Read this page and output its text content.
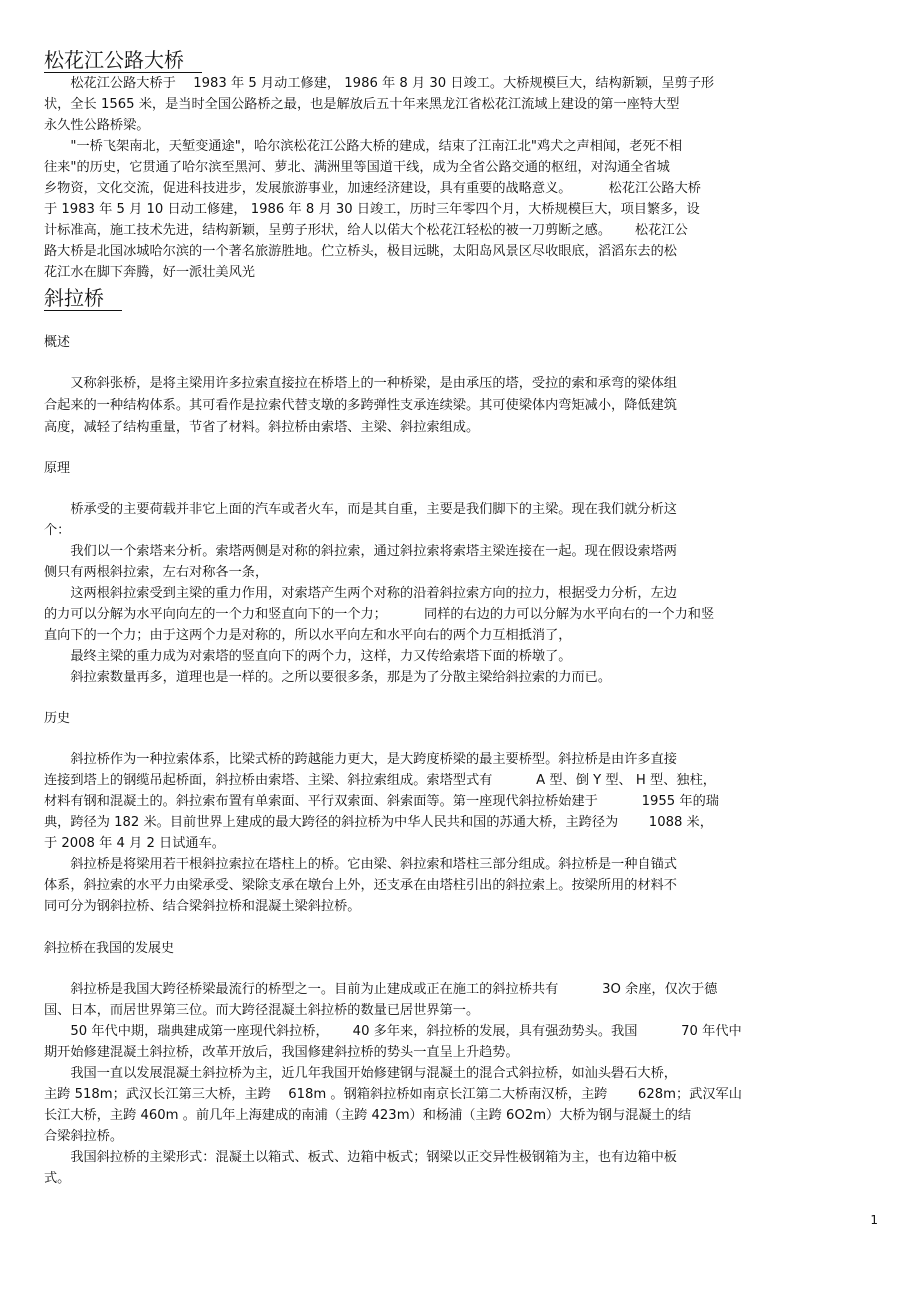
松花江公路大桥
　　松花江公路大桥于　 1983 年 5 月动工修建， 1986 年 8 月 30 日竣工。大桥规模巨大，结构新颖，呈剪子形
状，全长 1565 米，是当时全国公路桥之最，也是解放后五十年来黑龙江省松花江流域上建设的第一座特大型
永久性公路桥梁。
　　"一桥飞架南北，天堑变通途"，哈尔滨松花江公路大桥的建成，结束了江南江北"鸡犬之声相闻，老死不相
往来"的历史，它贯通了哈尔滨至黑河、萝北、满洲里等国道干线，成为全省公路交通的枢纽，对沟通全省城
乡物资，文化交流，促进科技进步，发展旅游事业，加速经济建设，具有重要的战略意义。　　　 松花江公路大桥
于 1983 年 5 月 10 日动工修建， 1986 年 8 月 30 日竣工，历时三年零四个月，大桥规模巨大，项目繁多，设
计标准高，施工技术先进，结构新颖，呈剪子形状，给人以偌大个松花江轻松的被一刀剪断之感。　　 松花江公
路大桥是北国冰城哈尔滨的一个著名旅游胜地。伫立桥头，极目远眺，太阳岛风景区尽收眼底，滔滔东去的松
花江水在脚下奔腾，好一派壮美风光
斜拉桥
概述
　　又称斜张桥，是将主梁用许多拉索直接拉在桥塔上的一种桥梁，是由承压的塔，受拉的索和承弯的梁体组
合起来的一种结构体系。其可看作是拉索代替支墩的多跨弹性支承连续梁。其可使梁体内弯矩减小，降低建筑
高度，减轻了结构重量，节省了材料。斜拉桥由索塔、主梁、斜拉索组成。
原理
　　桥承受的主要荷载并非它上面的汽车或者火车，而是其自重，主要是我们脚下的主梁。现在我们就分析这
个：
　　我们以一个索塔来分析。索塔两侧是对称的斜拉索，通过斜拉索将索塔主梁连接在一起。现在假设索塔两
侧只有两根斜拉索，左右对称各一条，
　　这两根斜拉索受到主梁的重力作用，对索塔产生两个对称的沿着斜拉索方向的拉力，根据受力分析，左边
的力可以分解为水平向向左的一个力和竖直向下的一个力；　　　 同样的右边的力可以分解为水平向右的一个力和竖
直向下的一个力；由于这两个力是对称的，所以水平向左和水平向右的两个力互相抵消了，
　　最终主梁的重力成为对索塔的竖直向下的两个力，这样，力又传给索塔下面的桥墩了。
　　斜拉索数量再多，道理也是一样的。之所以要很多条，那是为了分散主梁给斜拉索的力而已。
历史
　　斜拉桥作为一种拉索体系，比梁式桥的跨越能力更大，是大跨度桥梁的最主要桥型。斜拉桥是由许多直接
连接到塔上的钢缆吊起桥面，斜拉桥由索塔、主梁、斜拉索组成。索塔型式有　　　 A 型、倒 Y 型、 H 型、独柱，
材料有钢和混凝土的。斜拉索布置有单索面、平行双索面、斜索面等。第一座现代斜拉桥始建于　　　 1955 年的瑞
典，跨径为 182 米。目前世界上建成的最大跨径的斜拉桥为中华人民共和国的苏通大桥，主跨径为　　 1088 米，
于 2008 年 4 月 2 日试通车。
　　斜拉桥是将梁用若干根斜拉索拉在塔柱上的桥。它由梁、斜拉索和塔柱三部分组成。斜拉桥是一种自锚式
体系，斜拉索的水平力由梁承受、梁除支承在墩台上外，还支承在由塔柱引出的斜拉索上。按梁所用的材料不
同可分为钢斜拉桥、结合梁斜拉桥和混凝土梁斜拉桥。
斜拉桥在我国的发展史
　　斜拉桥是我国大跨径桥梁最流行的桥型之一。目前为止建成或正在施工的斜拉桥共有　　　 3O 余座，仅次于德
国、日本，而居世界第三位。而大跨径混凝土斜拉桥的数量已居世界第一。
　　50 年代中期，瑞典建成第一座现代斜拉桥，　　 40 多年来，斜拉桥的发展，具有强劲势头。我国　　　 70 年代中
期开始修建混凝土斜拉桥，改革开放后，我国修建斜拉桥的势头一直呈上升趋势。
　　我国一直以发展混凝土斜拉桥为主，近几年我国开始修建钢与混凝土的混合式斜拉桥，如汕头礐石大桥，
主跨 518m；武汉长江第三大桥，主跨　 618m 。钢箱斜拉桥如南京长江第二大桥南汉桥，主跨　　 628m；武汉军山
长江大桥，主跨 460m 。前几年上海建成的南浦（主跨 423m）和杨浦（主跨 6O2m）大桥为钢与混凝土的结
合梁斜拉桥。
　　我国斜拉桥的主梁形式：混凝土以箱式、板式、边箱中板式；钢梁以正交异性极钢箱为主，也有边箱中板
式。
1
